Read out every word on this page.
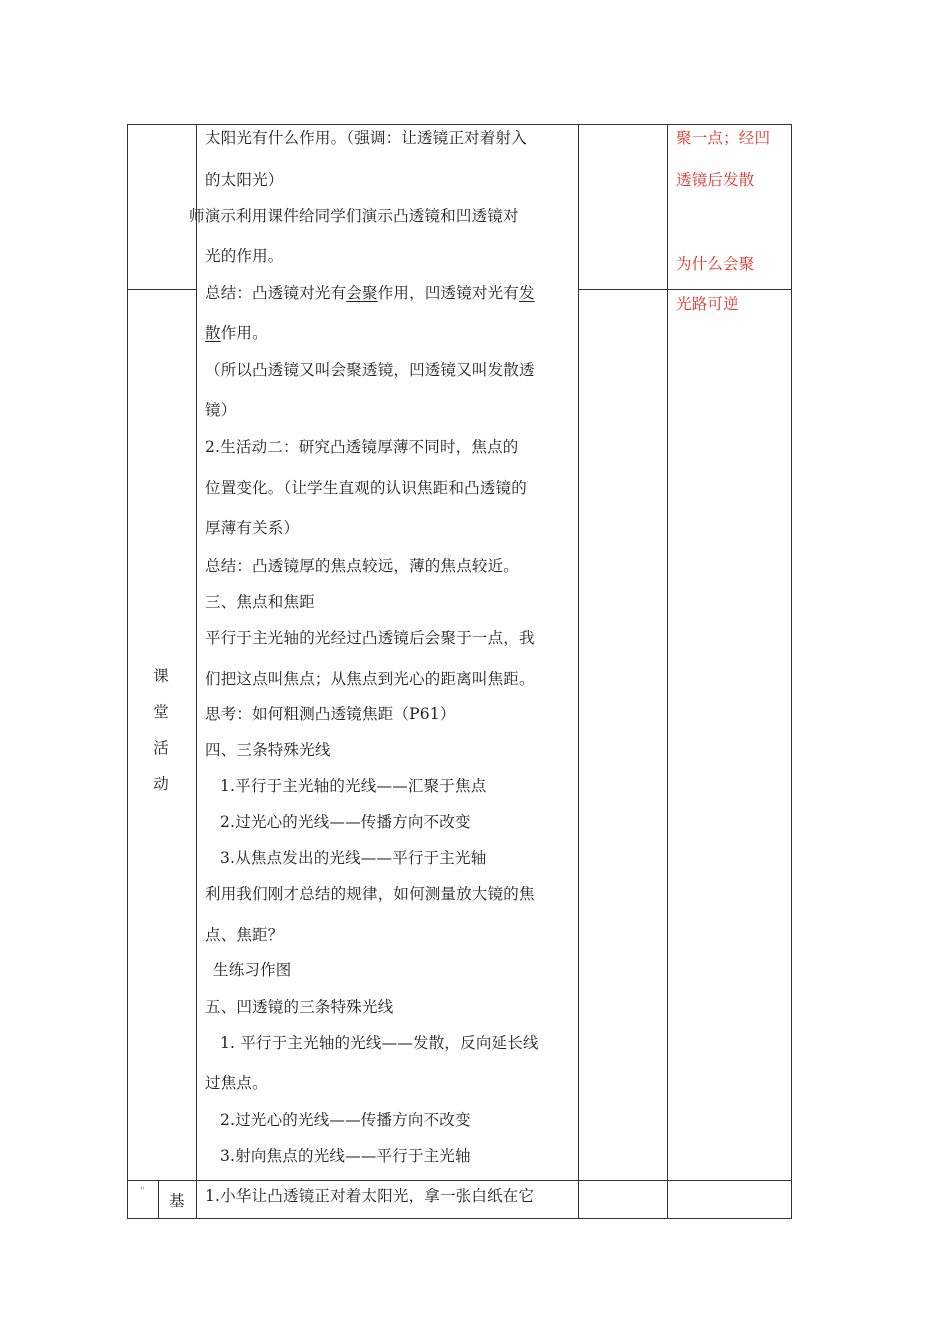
太阳光有什么作用。（强调：让透镜正对着射入
的太阳光）
师演示利用课件给同学们演示凸透镜和凹透镜对
光的作用。
总结：凸透镜对光有会聚作用，凹透镜对光有发
散作用。
（所以凸透镜又叫会聚透镜，凹透镜又叫发散透
镜）
2.生活动二：研究凸透镜厚薄不同时，焦点的
位置变化。（让学生直观的认识焦距和凸透镜的
厚薄有关系）
总结：凸透镜厚的焦点较远，薄的焦点较近。
三、焦点和焦距
平行于主光轴的光经过凸透镜后会聚于一点，我
们把这点叫焦点；从焦点到光心的距离叫焦距。
思考：如何粗测凸透镜焦距（P61）
四、三条特殊光线
1.平行于主光轴的光线——汇聚于焦点
2.过光心的光线——传播方向不改变
3.从焦点发出的光线——平行于主光轴
利用我们刚才总结的规律，如何测量放大镜的焦
点、焦距？
生练习作图
五、凹透镜的三条特殊光线
1. 平行于主光轴的光线——发散，反向延长线
过焦点。
2.过光心的光线——传播方向不改变
3.射向焦点的光线——平行于主光轴
1.小华让凸透镜正对着太阳光，拿一张白纸在它
课
堂
活
动
基
"
聚一点；经凹
透镜后发散
为什么会聚
光路可逆
